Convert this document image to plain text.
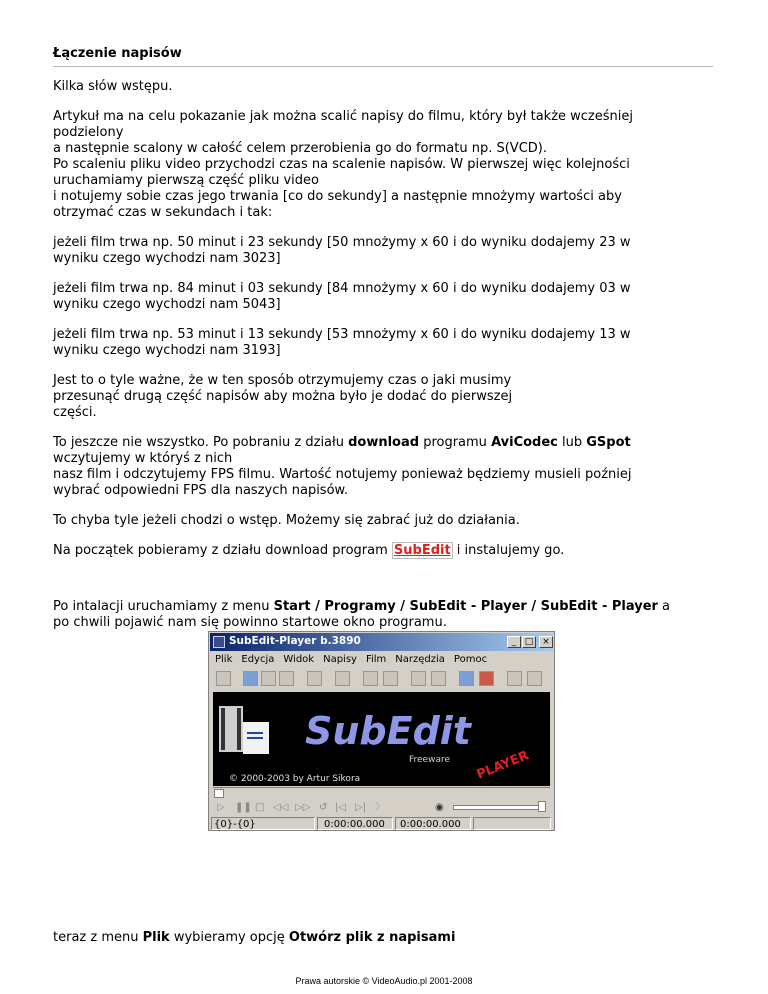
Łączenie napisów
Kilka słów wstępu.
Artykuł ma na celu pokazanie jak można scalić napisy do filmu, który był także wcześniej
podzielony
a następnie scalony w całość celem przerobienia go do formatu np. S(VCD).
Po scaleniu pliku video przychodzi czas na scalenie napisów. W pierwszej więc kolejności
uruchamiamy pierwszą część pliku video
i notujemy sobie czas jego trwania [co do sekundy] a następnie mnożymy wartości aby
otrzymać czas w sekundach i tak:
jeżeli film trwa np. 50 minut i 23 sekundy [50 mnożymy x 60 i do wyniku dodajemy 23 w
wyniku czego wychodzi nam 3023]
jeżeli film trwa np. 84 minut i 03 sekundy [84 mnożymy x 60 i do wyniku dodajemy 03 w
wyniku czego wychodzi nam 5043]
jeżeli film trwa np. 53 minut i 13 sekundy [53 mnożymy x 60 i do wyniku dodajemy 13 w
wyniku czego wychodzi nam 3193]
Jest to o tyle ważne, że w ten sposób otrzymujemy czas o jaki musimy
przesunąć drugą część napisów aby można było je dodać do pierwszej
części.
To jeszcze nie wszystko. Po pobraniu z działu download programu AviCodec lub GSpot
wczytujemy w któryś z nich
nasz film i odczytujemy FPS filmu. Wartość notujemy ponieważ będziemy musieli poźniej
wybrać odpowiedni FPS dla naszych napisów.
To chyba tyle jeżeli chodzi o wstęp. Możemy się zabrać już do działania.
Na początek pobieramy z działu download program SubEdit i instalujemy go.
Po intalacji uruchamiamy z menu Start / Programy / SubEdit - Player / SubEdit - Player a
po chwili pojawić nam się powinno startowe okno programu.
SubEdit-Player b.3890	_ □ ×
Plik Edycja Widok Napisy Film Narzędzia Pomoc
SubEdit
Freeware PLAYER
© 2000-2003 by Artur Sikora
▷ ❚❚ □ ◁◁ ▷▷ ↺ |◁ ▷| 〉	◉
{0}-{0}	0:00:00.000	0:00:00.000
teraz z menu Plik wybieramy opcję Otwórz plik z napisami
Prawa autorskie © VideoAudio.pl 2001-2008
